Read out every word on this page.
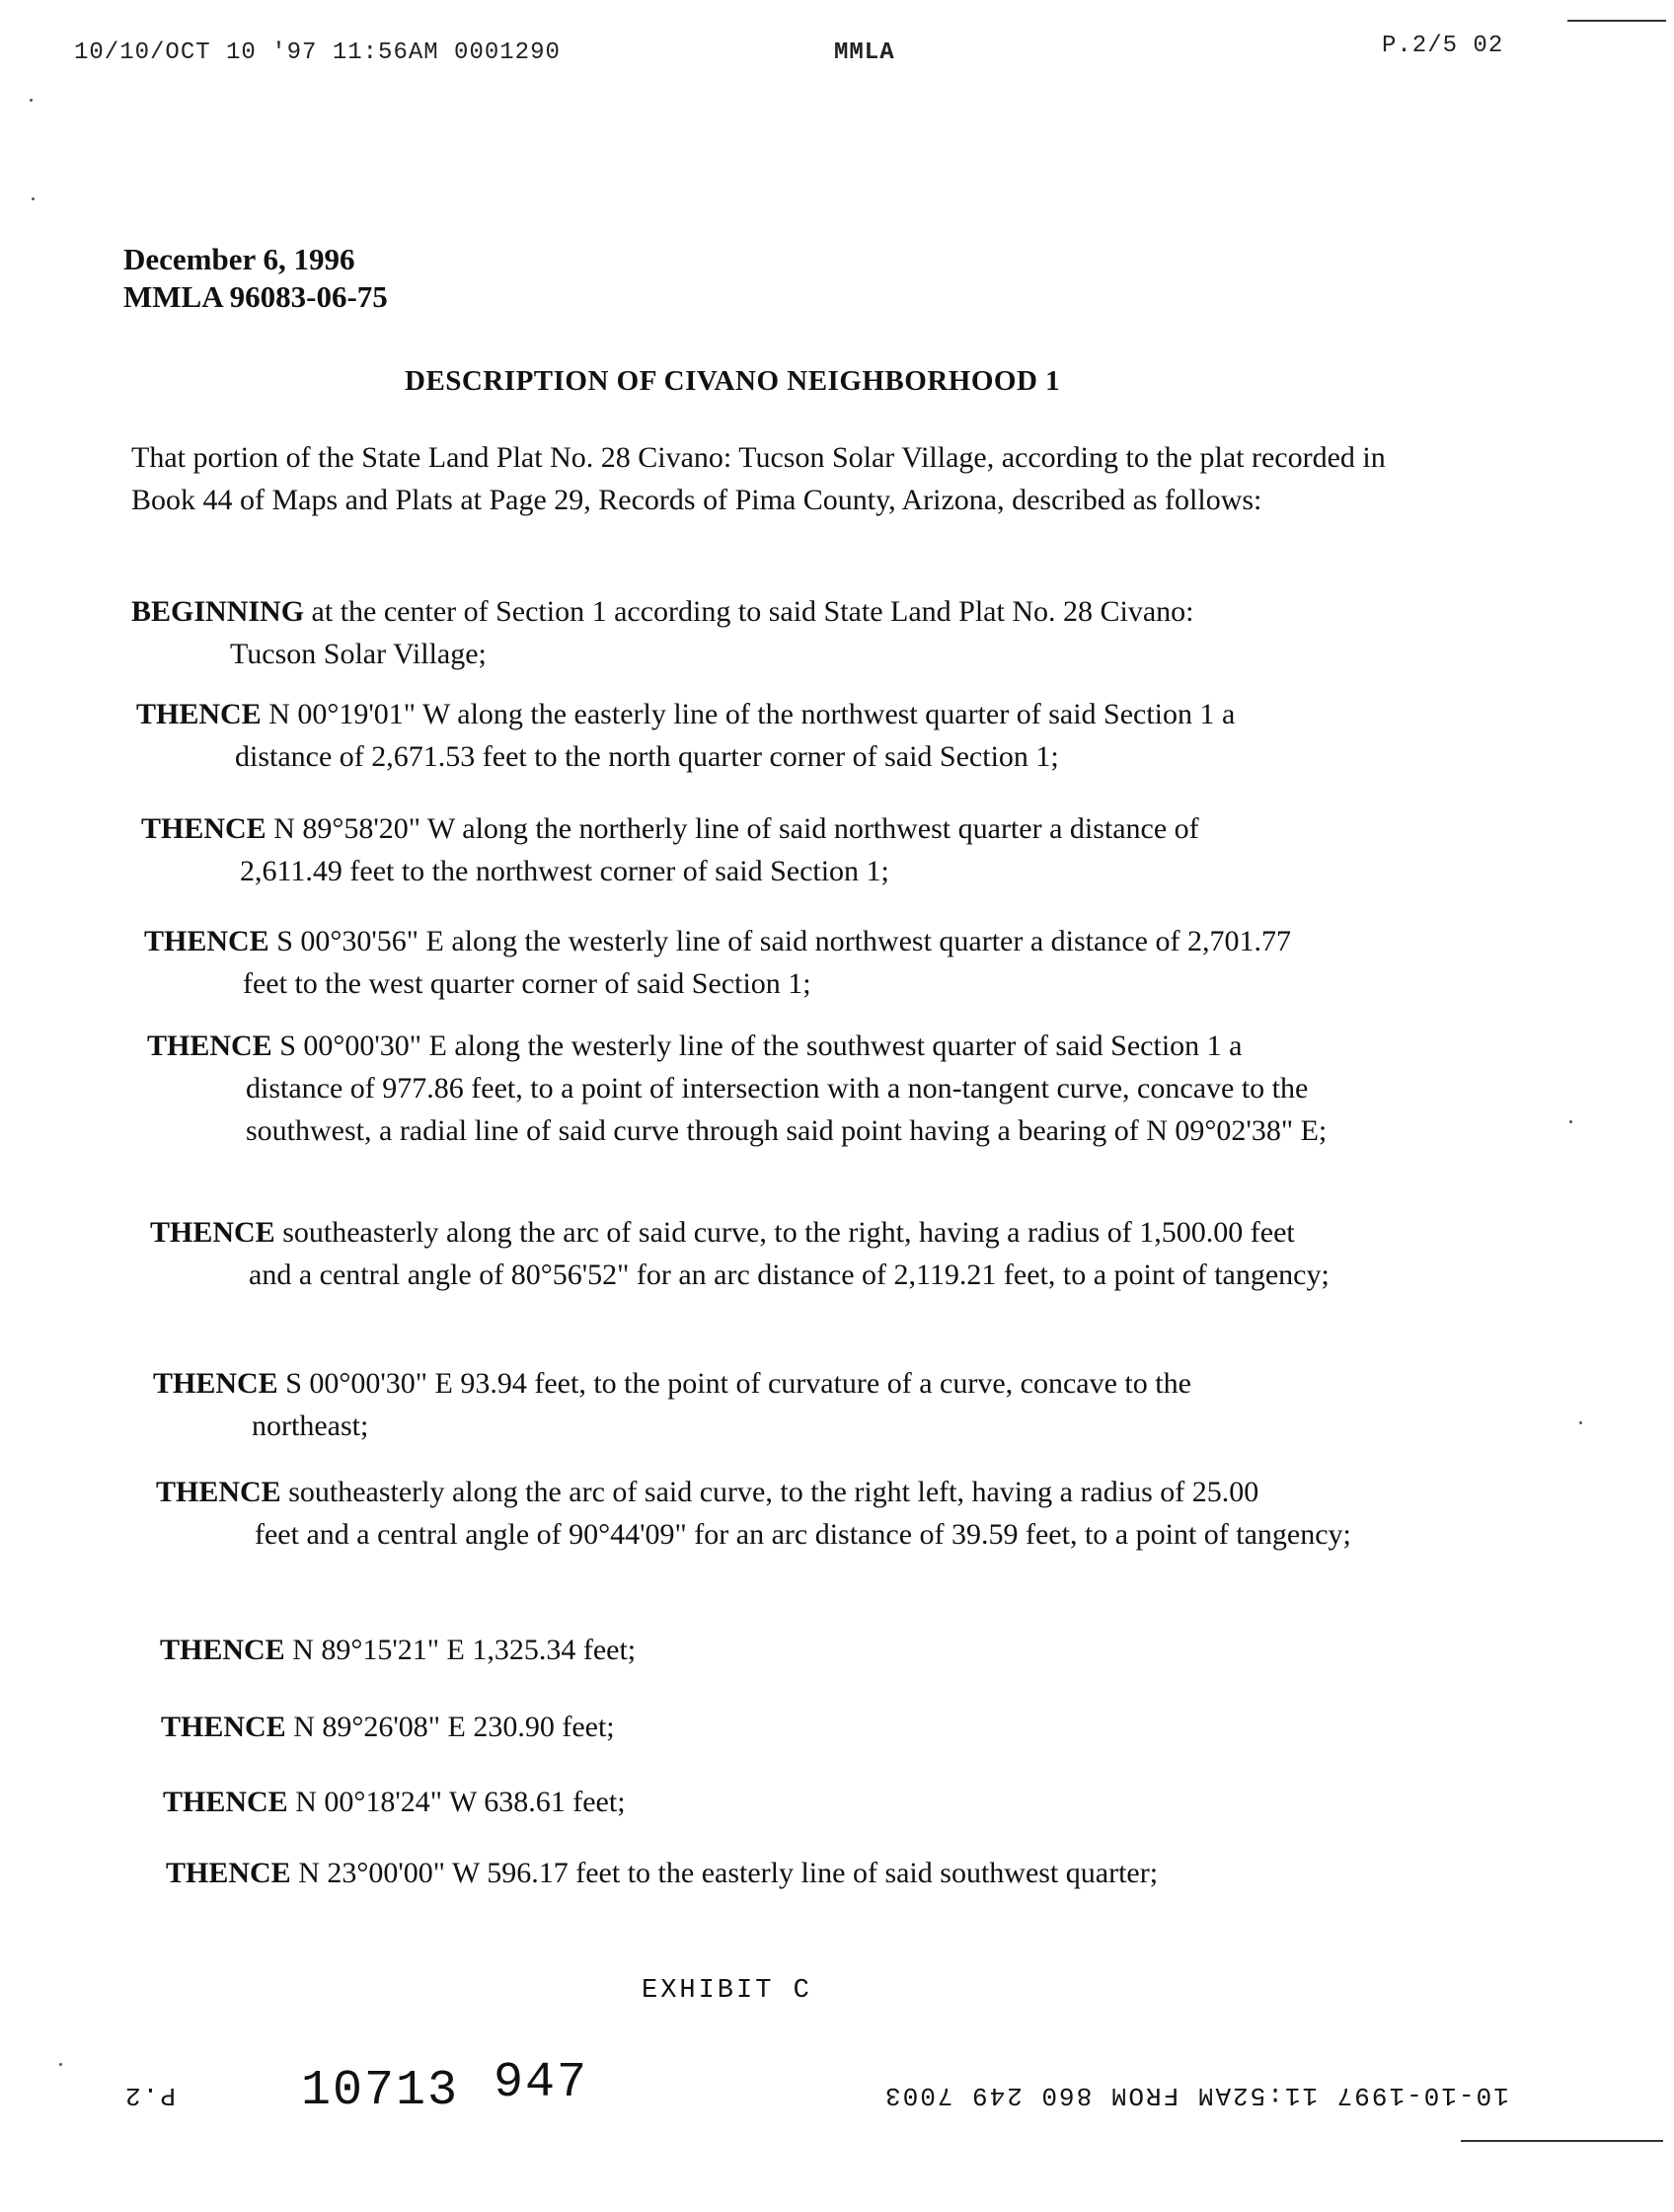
10/10/OCT 10 '97 11:56AM 0001290	MMLA	P.2/5 02
December 6, 1996
MMLA 96083-06-75
DESCRIPTION OF CIVANO NEIGHBORHOOD 1
That portion of the State Land Plat No. 28 Civano: Tucson Solar Village, according to the plat recorded in Book 44 of Maps and Plats at Page 29, Records of Pima County, Arizona, described as follows:
BEGINNING at the center of Section 1 according to said State Land Plat No. 28 Civano:
Tucson Solar Village;
THENCE N 00°19'01" W along the easterly line of the northwest quarter of said Section 1 a
distance of 2,671.53 feet to the north quarter corner of said Section 1;
THENCE N 89°58'20" W along the northerly line of said northwest quarter a distance of
2,611.49 feet to the northwest corner of said Section 1;
THENCE S 00°30'56" E along the westerly line of said northwest quarter a distance of 2,701.77
feet to the west quarter corner of said Section 1;
THENCE S 00°00'30" E along the westerly line of the southwest quarter of said Section 1 a
distance of 977.86 feet, to a point of intersection with a non-tangent curve, concave to the southwest, a radial line of said curve through said point having a bearing of N 09°02'38" E;
THENCE southeasterly along the arc of said curve, to the right, having a radius of 1,500.00 feet
and a central angle of 80°56'52" for an arc distance of 2,119.21 feet, to a point of tangency;
THENCE S 00°00'30" E 93.94 feet, to the point of curvature of a curve, concave to the
northeast;
THENCE southeasterly along the arc of said curve, to the right left, having a radius of 25.00
feet and a central angle of 90°44'09" for an arc distance of 39.59 feet, to a point of tangency;
THENCE N 89°15'21" E 1,325.34 feet;
THENCE N 89°26'08" E 230.90 feet;
THENCE N 00°18'24" W 638.61 feet;
THENCE N 23°00'00" W 596.17 feet to the easterly line of said southwest quarter;
EXHIBIT C
10713 947
P.2	10-10-1997 11:52AM FROM 860 249 7003
